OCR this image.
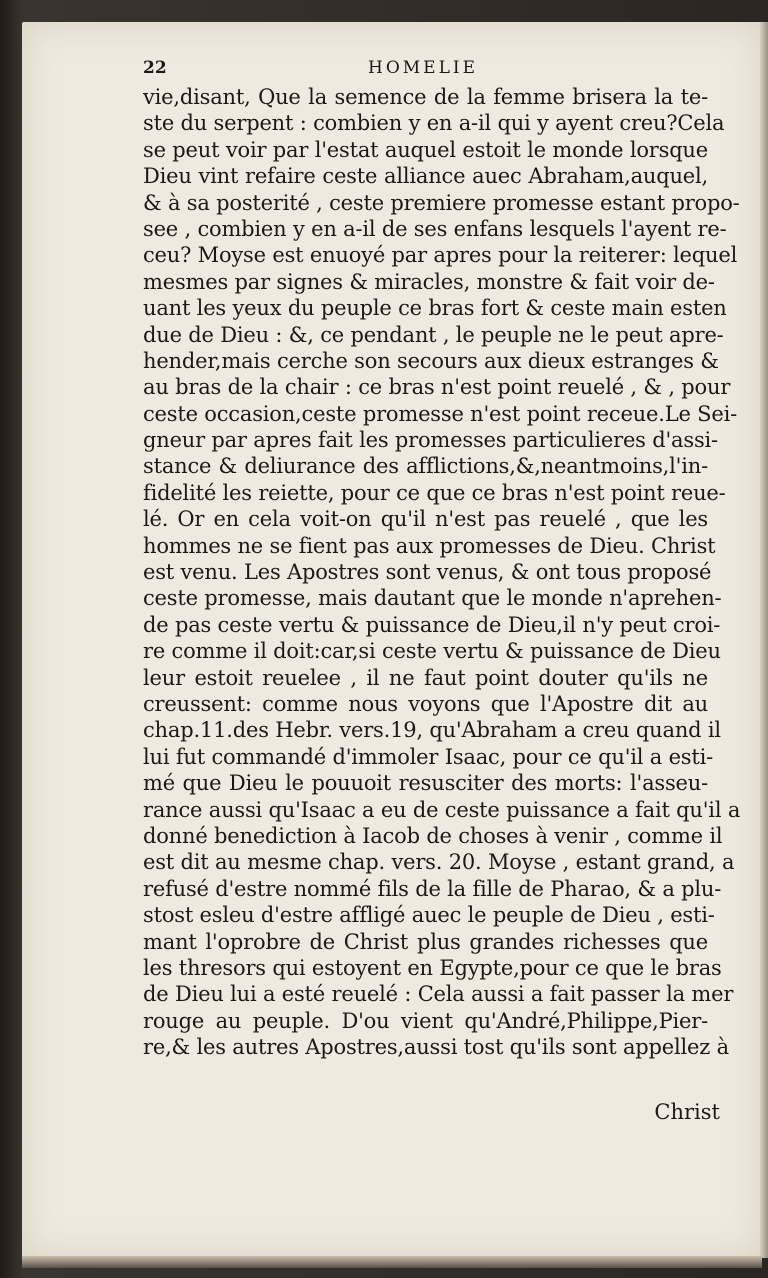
22	HOMELIE
vie,disant, Que la semence de la femme brisera la te-
ste du serpent : combien y en a-il qui y ayent creu?Cela
se peut voir par l'estat auquel estoit le monde lorsque
Dieu vint refaire ceste alliance auec Abraham,auquel,
& à sa posterité , ceste premiere promesse estant propo-
see , combien y en a-il de ses enfans lesquels l'ayent re-
ceu? Moyse est enuoyé par apres pour la reiterer: lequel
mesmes par signes & miracles, monstre & fait voir de-
uant les yeux du peuple ce bras fort & ceste main esten
due de Dieu : &, ce pendant , le peuple ne le peut apre-
hender,mais cerche son secours aux dieux estranges &
au bras de la chair : ce bras n'est point reuelé , & , pour
ceste occasion,ceste promesse n'est point receue.Le Sei-
gneur par apres fait les promesses particulieres d'assi-
stance & deliurance des afflictions,&,neantmoins,l'in-
fidelité les reiette, pour ce que ce bras n'est point reue-
lé. Or en cela voit-on qu'il n'est pas reuelé , que les
hommes ne se fient pas aux promesses de Dieu. Christ
est venu. Les Apostres sont venus, & ont tous proposé
ceste promesse, mais dautant que le monde n'aprehen-
de pas ceste vertu & puissance de Dieu,il n'y peut croi-
re comme il doit:car,si ceste vertu & puissance de Dieu
leur estoit reuelee , il ne faut point douter qu'ils ne
creussent: comme nous voyons que l'Apostre dit au
chap.11.des Hebr. vers.19, qu'Abraham a creu quand il
lui fut commandé d'immoler Isaac, pour ce qu'il a esti-
mé que Dieu le pouuoit resusciter des morts: l'asseu-
rance aussi qu'Isaac a eu de ceste puissance a fait qu'il a
donné benediction à Iacob de choses à venir , comme il
est dit au mesme chap. vers. 20. Moyse , estant grand, a
refusé d'estre nommé fils de la fille de Pharao, & a plu-
stost esleu d'estre affligé auec le peuple de Dieu , esti-
mant l'oprobre de Christ plus grandes richesses que
les thresors qui estoyent en Egypte,pour ce que le bras
de Dieu lui a esté reuelé : Cela aussi a fait passer la mer
rouge au peuple. D'ou vient qu'André,Philippe,Pier-
re,& les autres Apostres,aussi tost qu'ils sont appellez à
Christ
